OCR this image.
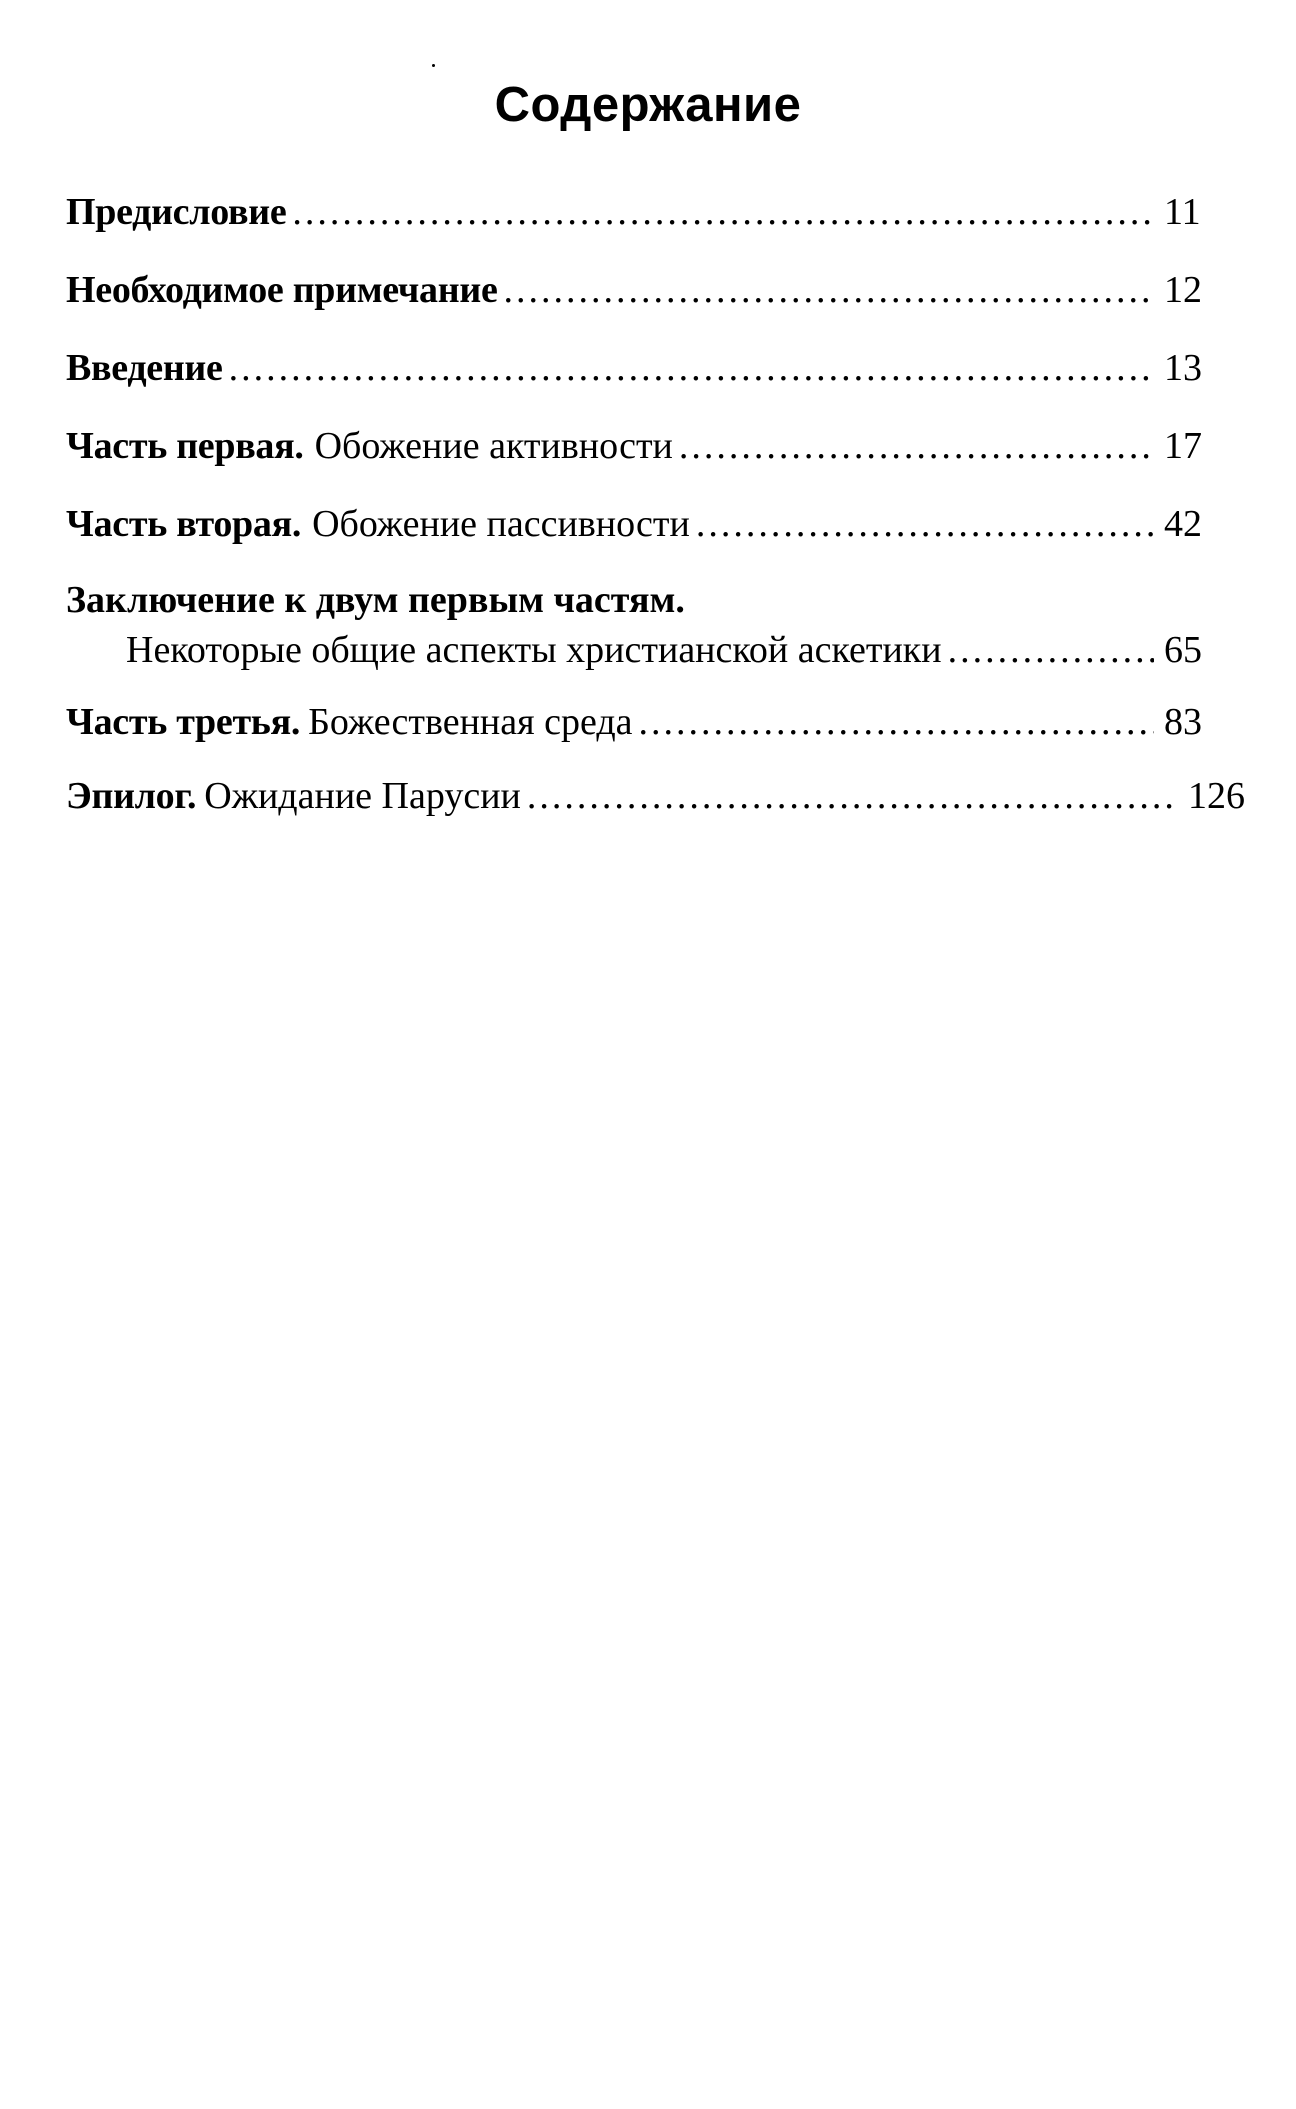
Содержание
Предисловие .....	11
Необходимое примечание .....	12
Введение .....	13
Часть первая. Обожение активности .....	17
Часть вторая. Обожение пассивности .....	42
Заключение к двум первым частям.
Некоторые общие аспекты христианской аскетики .....	65
Часть третья. Божественная среда .....	83
Эпилог. Ожидание Парусии .....	126
